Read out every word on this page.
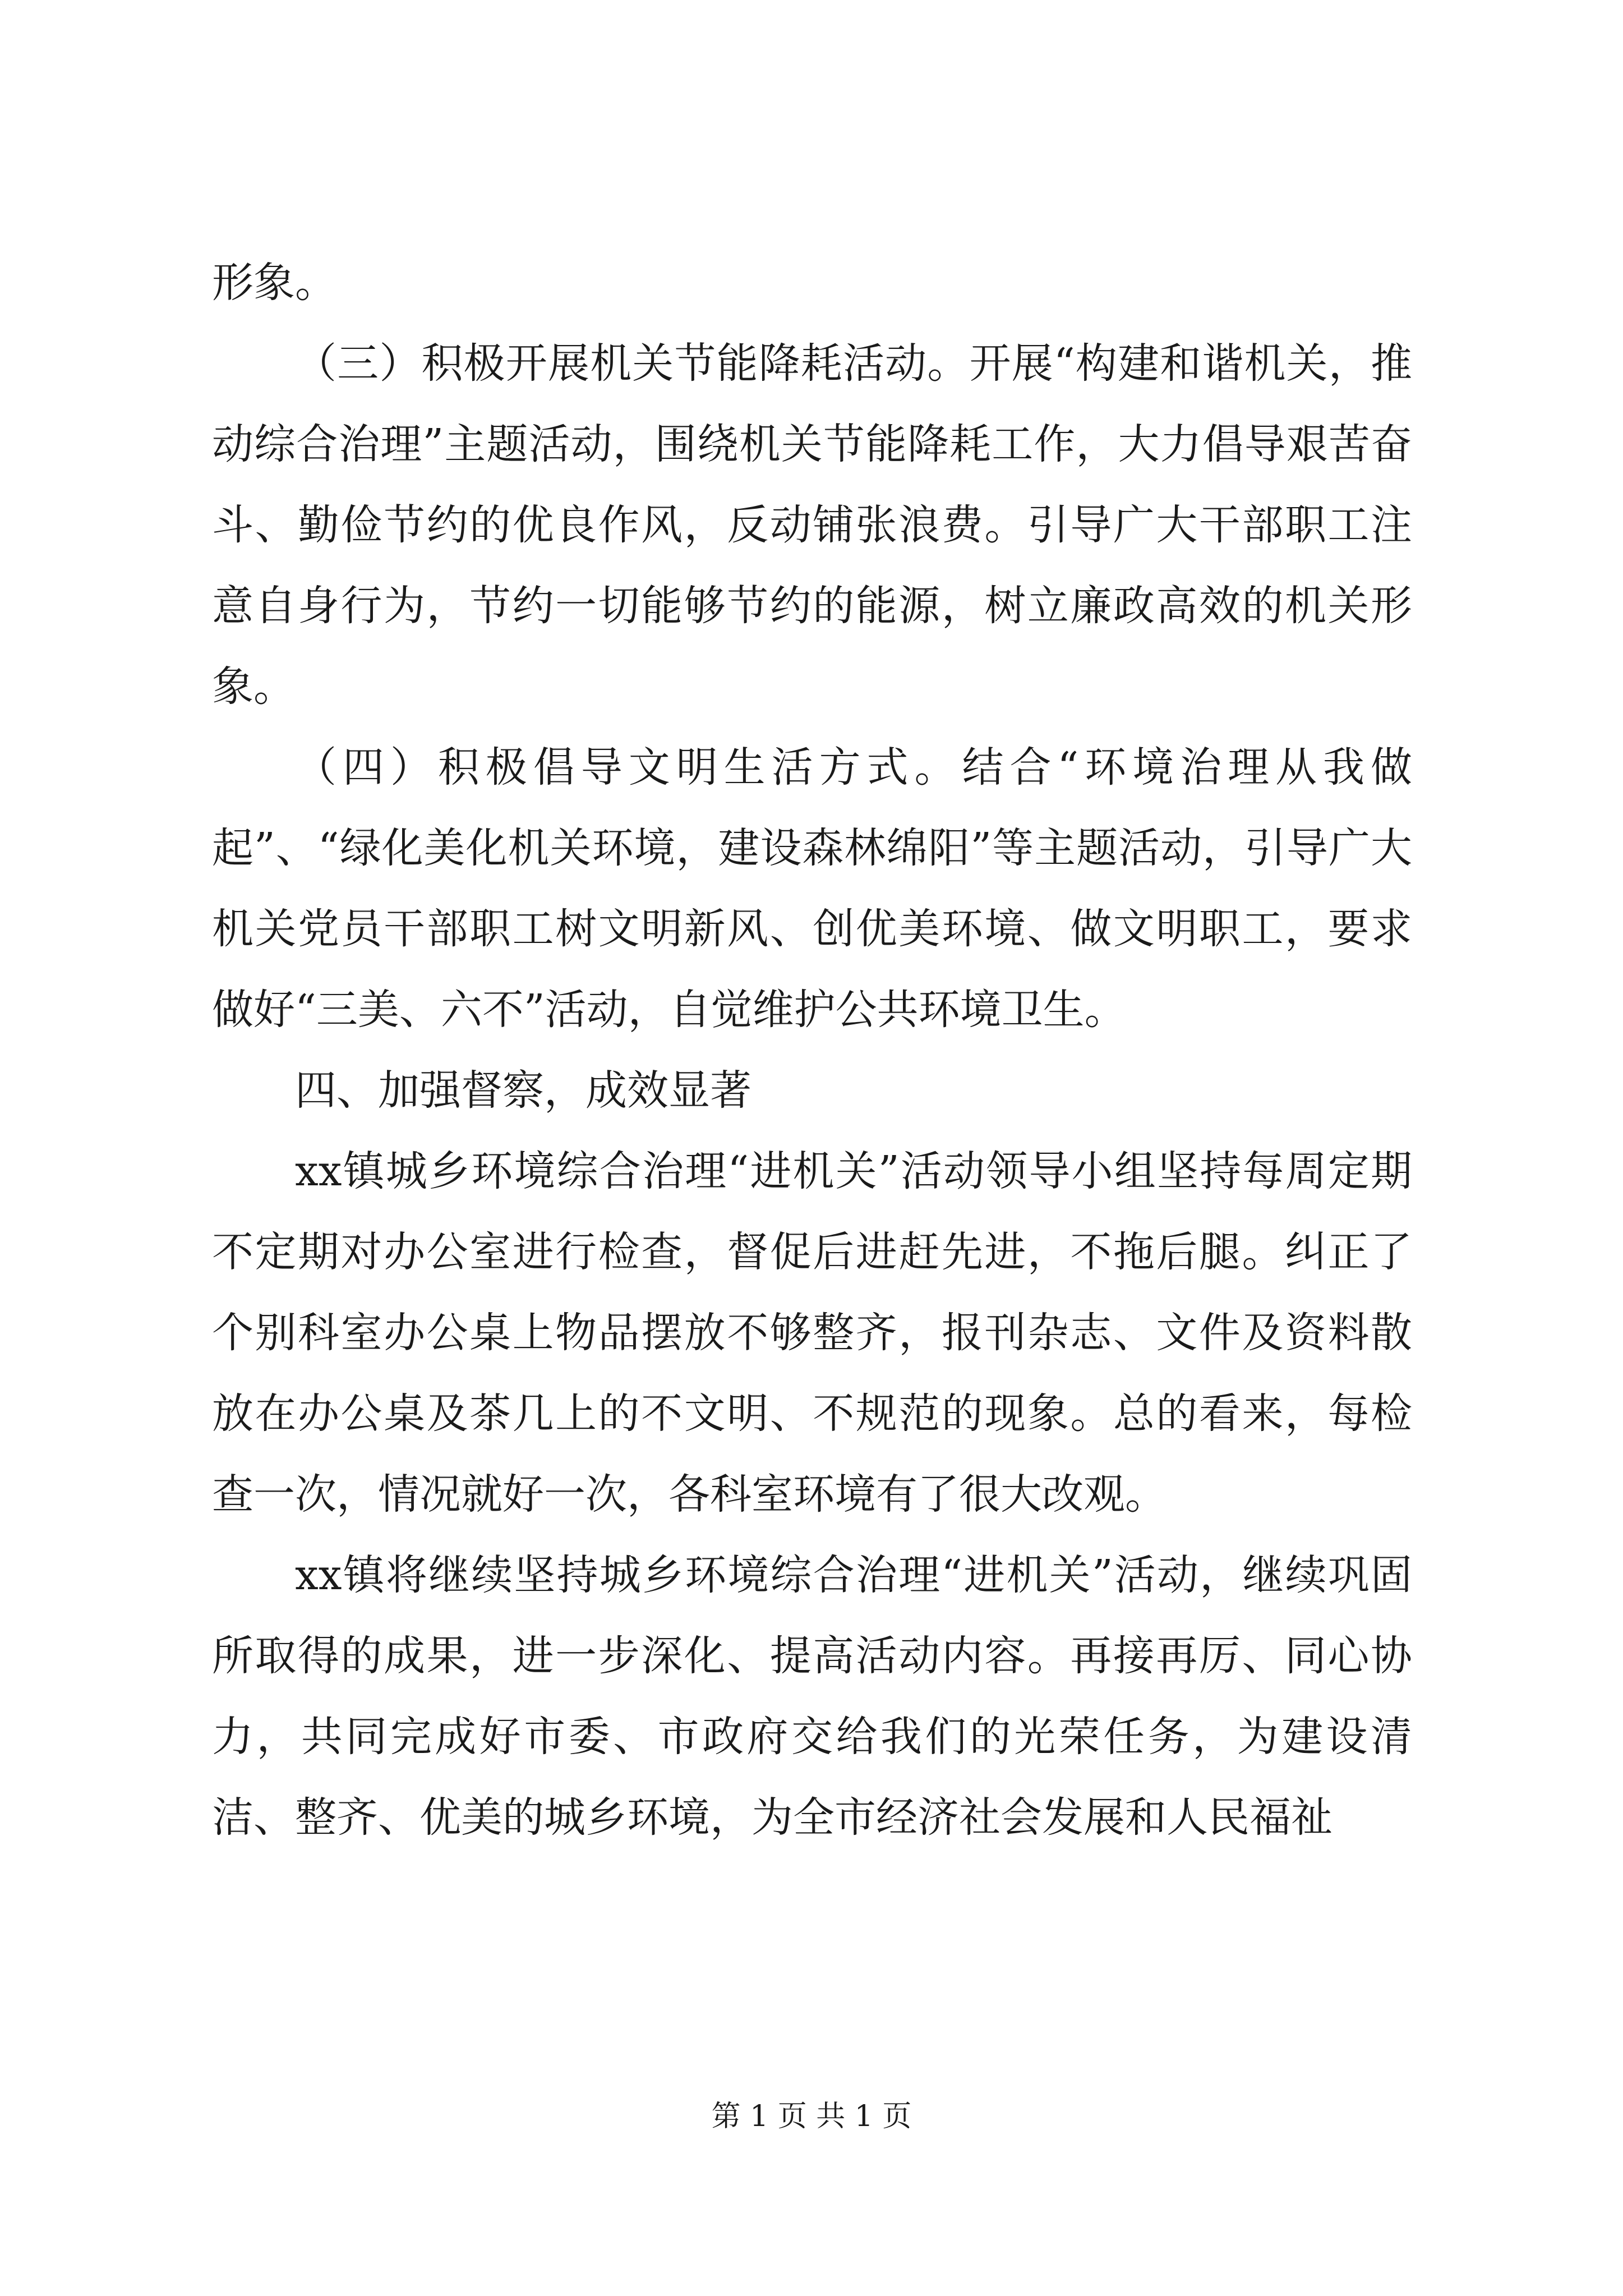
形象。

（三）积极开展机关节能降耗活动。开展“构建和谐机关，推动综合治理”主题活动，围绕机关节能降耗工作，大力倡导艰苦奋斗、勤俭节约的优良作风，反动铺张浪费。引导广大干部职工注意自身行为，节约一切能够节约的能源，树立廉政高效的机关形象。

（四）积极倡导文明生活方式。结合“环境治理从我做起”、“绿化美化机关环境，建设森林绵阳”等主题活动，引导广大机关党员干部职工树文明新风、创优美环境、做文明职工，要求做好“三美、六不”活动，自觉维护公共环境卫生。

四、加强督察，成效显著

xx镇城乡环境综合治理“进机关”活动领导小组坚持每周定期不定期对办公室进行检查，督促后进赶先进，不拖后腿。纠正了个别科室办公桌上物品摆放不够整齐，报刊杂志、文件及资料散放在办公桌及茶几上的不文明、不规范的现象。总的看来，每检查一次，情况就好一次，各科室环境有了很大改观。

xx镇将继续坚持城乡环境综合治理“进机关”活动，继续巩固所取得的成果，进一步深化、提高活动内容。再接再厉、同心协力，共同完成好市委、市政府交给我们的光荣任务，为建设清洁、整齐、优美的城乡环境，为全市经济社会发展和人民福祉

第 1 页 共 1 页
